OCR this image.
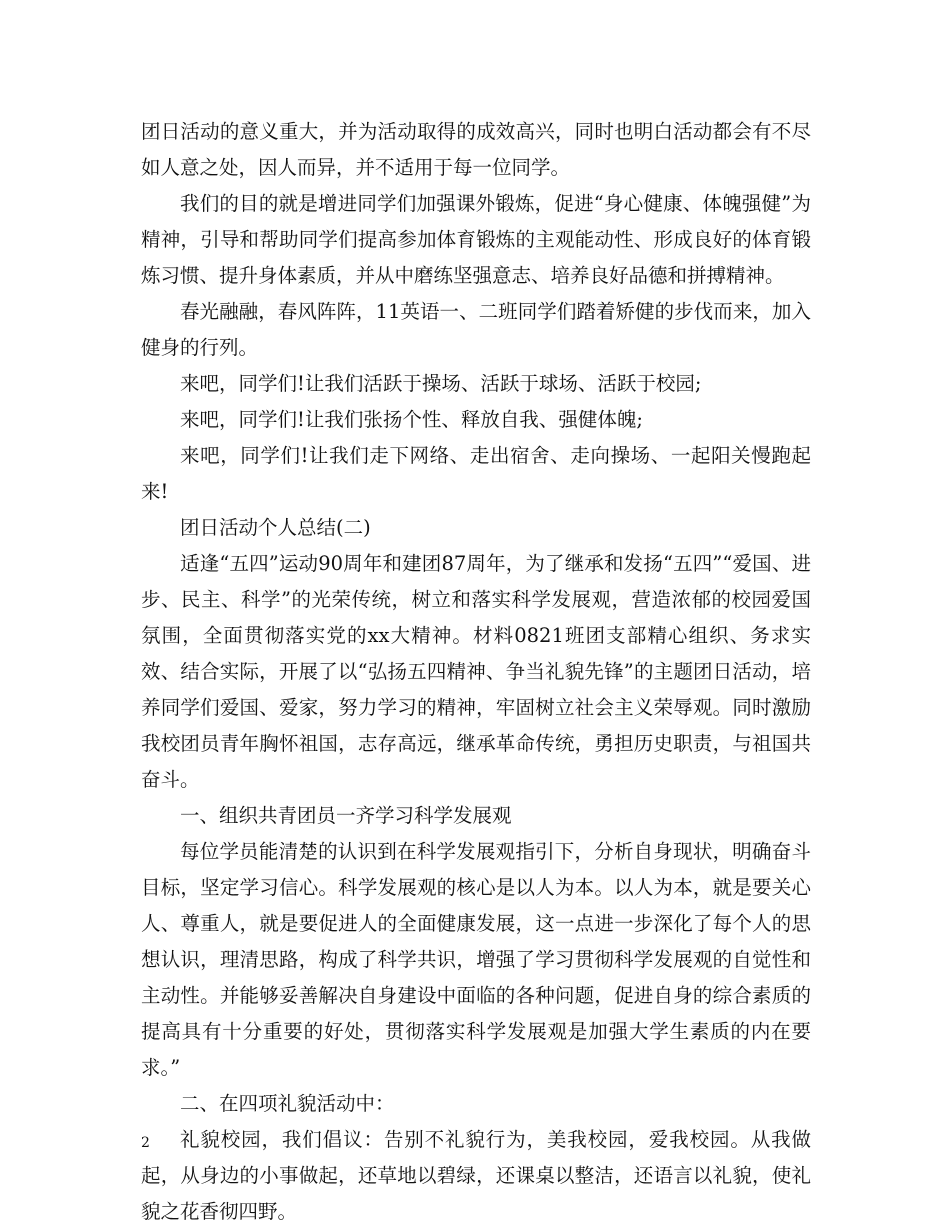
团日活动的意义重大，并为活动取得的成效高兴，同时也明白活动都会有不尽如人意之处，因人而异，并不适用于每一位同学。

我们的目的就是增进同学们加强课外锻炼，促进“身心健康、体魄强健”为精神，引导和帮助同学们提高参加体育锻炼的主观能动性、形成良好的体育锻炼习惯、提升身体素质，并从中磨练坚强意志、培养良好品德和拼搏精神。

春光融融，春风阵阵，11英语一、二班同学们踏着矫健的步伐而来，加入健身的行列。

来吧，同学们!让我们活跃于操场、活跃于球场、活跃于校园;

来吧，同学们!让我们张扬个性、释放自我、强健体魄;

来吧，同学们!让我们走下网络、走出宿舍、走向操场、一起阳关慢跑起来!

团日活动个人总结(二)

适逢“五四”运动90周年和建团87周年，为了继承和发扬“五四”“爱国、进步、民主、科学”的光荣传统，树立和落实科学发展观，营造浓郁的校园爱国氛围，全面贯彻落实党的xx大精神。材料0821班团支部精心组织、务求实效、结合实际，开展了以“弘扬五四精神、争当礼貌先锋”的主题团日活动，培养同学们爱国、爱家，努力学习的精神，牢固树立社会主义荣辱观。同时激励我校团员青年胸怀祖国，志存高远，继承革命传统，勇担历史职责，与祖国共奋斗。

一、组织共青团员一齐学习科学发展观

每位学员能清楚的认识到在科学发展观指引下，分析自身现状，明确奋斗目标，坚定学习信心。科学发展观的核心是以人为本。以人为本，就是要关心人、尊重人，就是要促进人的全面健康发展，这一点进一步深化了每个人的思想认识，理清思路，构成了科学共识，增强了学习贯彻科学发展观的自觉性和主动性。并能够妥善解决自身建设中面临的各种问题，促进自身的综合素质的提高具有十分重要的好处，贯彻落实科学发展观是加强大学生素质的内在要求。”

二、在四项礼貌活动中：

礼貌校园，我们倡议：告别不礼貌行为，美我校园，爱我校园。从我做起，从身边的小事做起，还草地以碧绿，还课桌以整洁，还语言以礼貌，使礼貌之花香彻四野。

2
